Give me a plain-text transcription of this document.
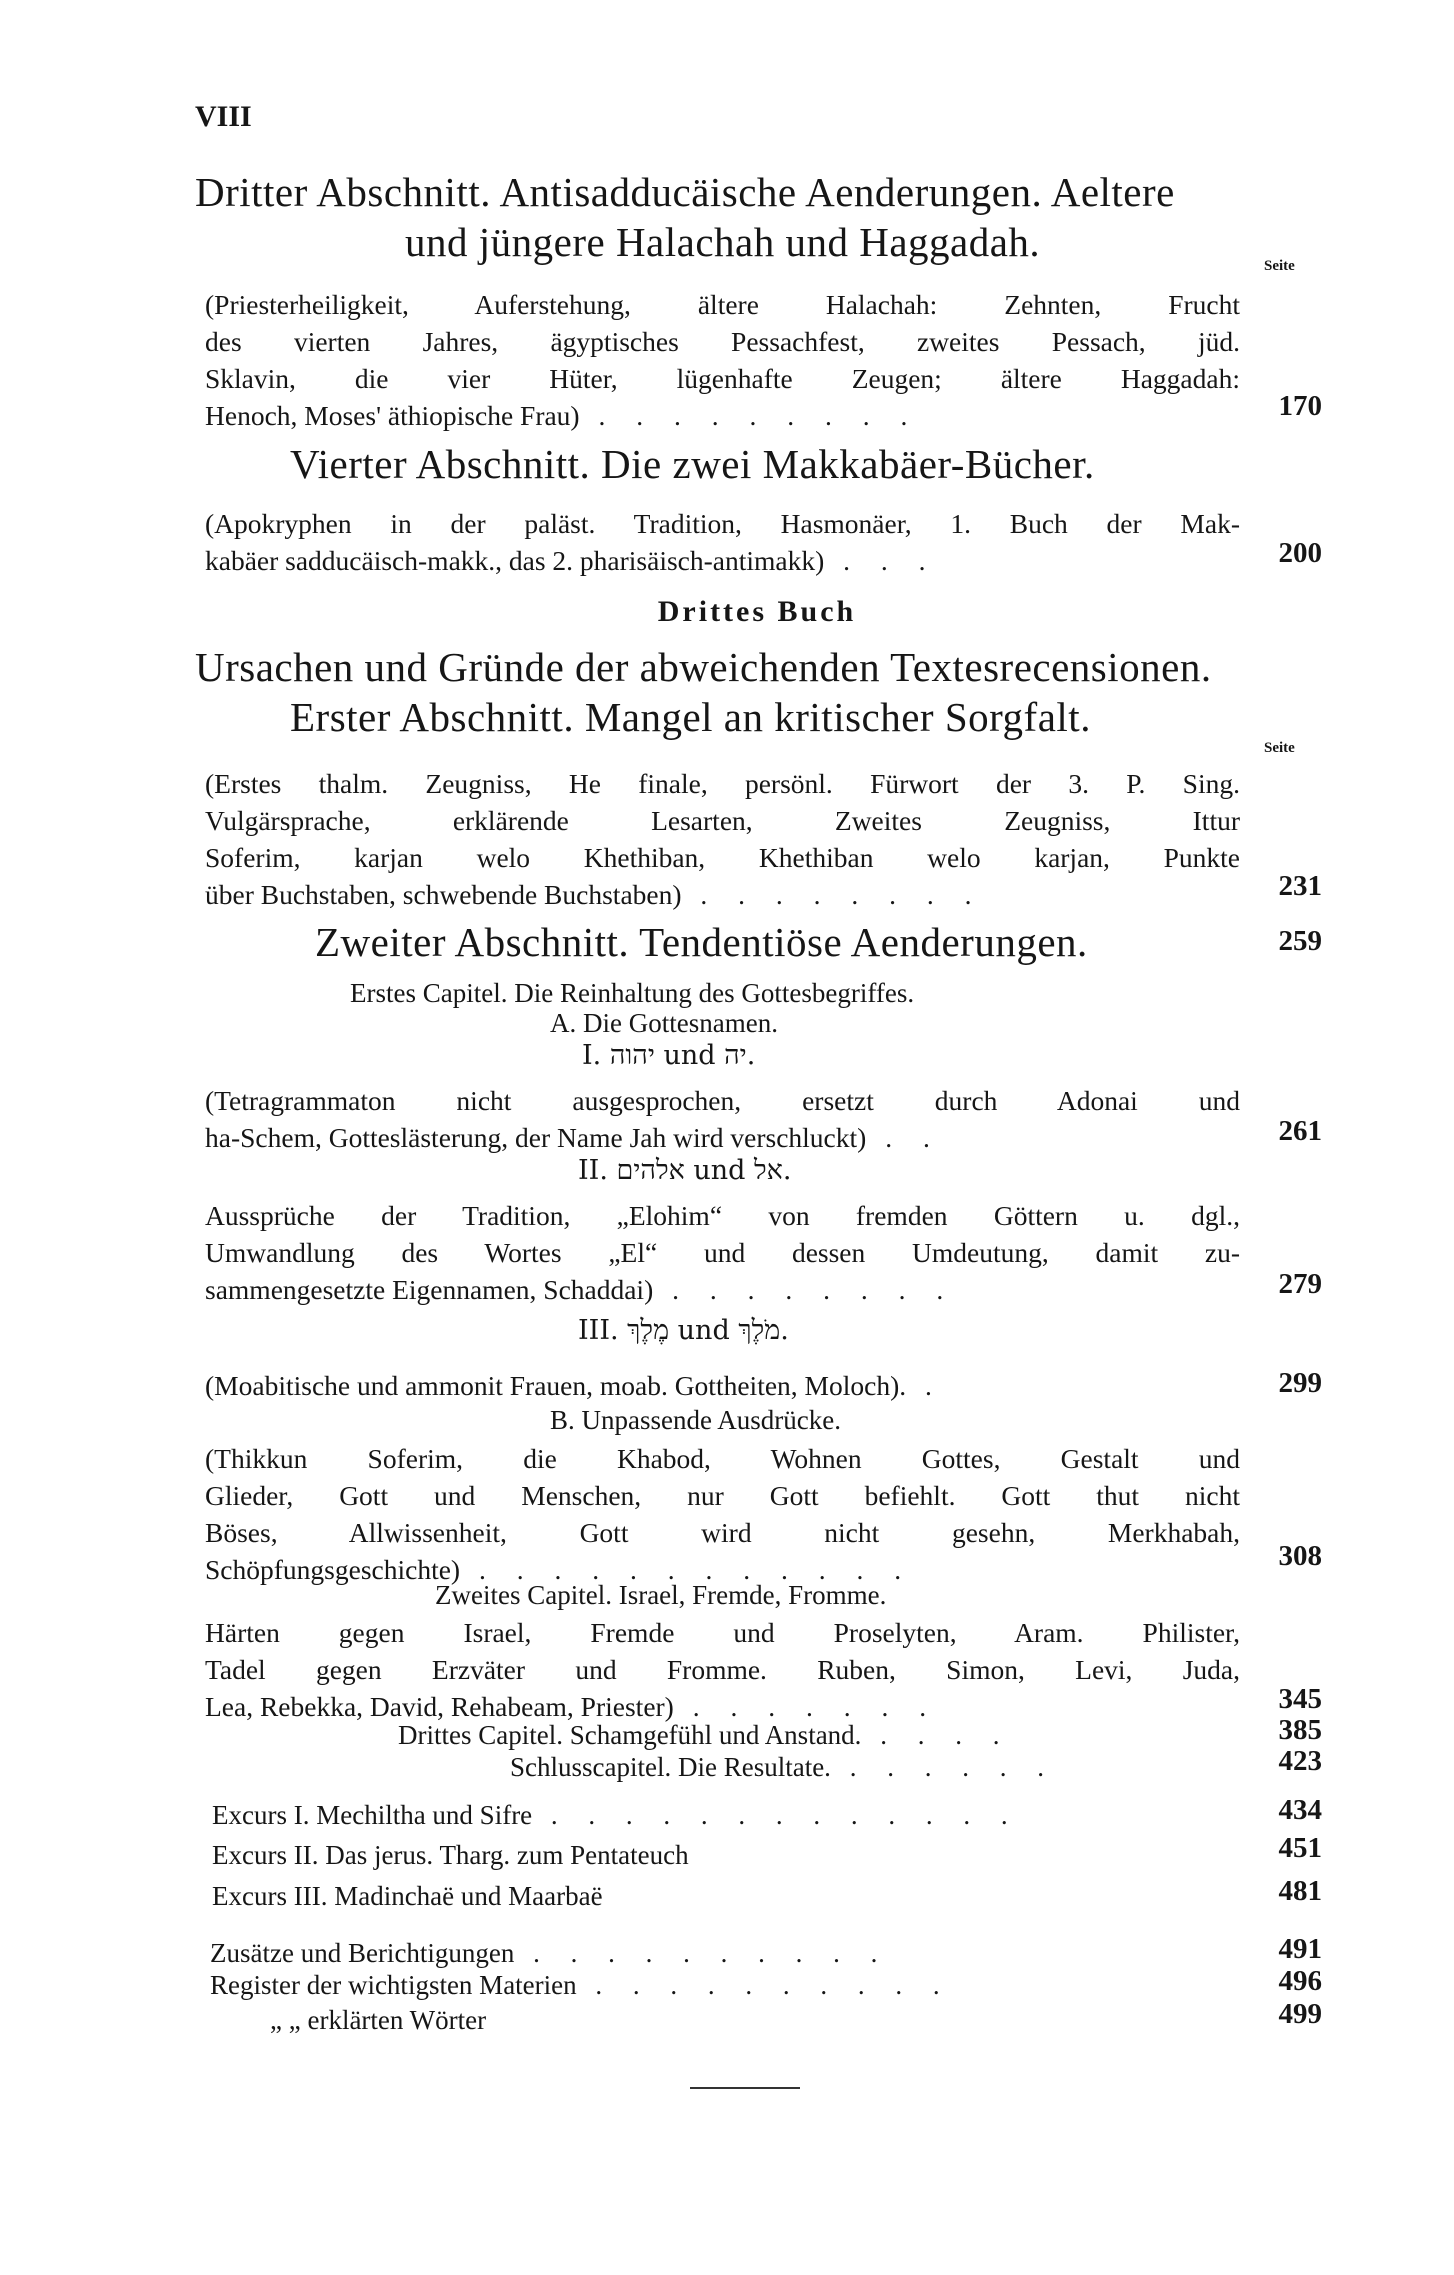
VIII
Dritter Abschnitt. Antisadducäische Aenderungen. Aeltere
und jüngere Halachah und Haggadah.
Seite
(Priesterheiligkeit, Auferstehung, ältere Halachah: Zehnten, Frucht
des vierten Jahres, ägyptisches Pessachfest, zweites Pessach, jüd.
Sklavin, die vier Hüter, lügenhafte Zeugen; ältere Haggadah:
Henoch, Moses' äthiopische Frau) . . . . . . . . .	170
Vierter Abschnitt. Die zwei Makkabäer-Bücher.
(Apokryphen in der paläst. Tradition, Hasmonäer, 1. Buch der Mak-
kabäer sadducäisch-makk., das 2. pharisäisch-antimakk) . . .	200
Drittes Buch
Ursachen und Gründe der abweichenden Textesrecensionen.
Erster Abschnitt. Mangel an kritischer Sorgfalt.
Seite
(Erstes thalm. Zeugniss, He finale, persönl. Fürwort der 3. P. Sing.
Vulgärsprache, erklärende Lesarten, Zweites Zeugniss, Ittur
Soferim, karjan welo Khethiban, Khethiban welo karjan, Punkte
über Buchstaben, schwebende Buchstaben) . . . . . . . .	231
Zweiter Abschnitt. Tendentiöse Aenderungen.	259
Erstes Capitel. Die Reinhaltung des Gottesbegriffes.
A. Die Gottesnamen.
I. יהוה und יה.
(Tetragrammaton nicht ausgesprochen, ersetzt durch Adonai und
ha-Schem, Gotteslästerung, der Name Jah wird verschluckt) . .	261
II. אלהים und אל.
Aussprüche der Tradition, „Elohim“ von fremden Göttern u. dgl.,
Umwandlung des Wortes „El“ und dessen Umdeutung, damit zu-
sammengesetzte Eigennamen, Schaddai) . . . . . . . .	279
III. מֶלֶךְ und מֹלֶךְ.
(Moabitische und ammonit Frauen, moab. Gottheiten, Moloch). .	299
B. Unpassende Ausdrücke.
(Thikkun Soferim, die Khabod, Wohnen Gottes, Gestalt und
Glieder, Gott und Menschen, nur Gott befiehlt. Gott thut nicht
Böses, Allwissenheit, Gott wird nicht gesehn, Merkhabah,
Schöpfungsgeschichte) . . . . . . . . . . . .	308
Zweites Capitel. Israel, Fremde, Fromme.
Härten gegen Israel, Fremde und Proselyten, Aram. Philister,
Tadel gegen Erzväter und Fromme. Ruben, Simon, Levi, Juda,
Lea, Rebekka, David, Rehabeam, Priester) . . . . . . .	345
Drittes Capitel. Schamgefühl und Anstand. . . . .	385
Schlusscapitel. Die Resultate. . . . . . .	423
Excurs I. Mechiltha und Sifre . . . . . . . . . . . . .	434
Excurs II. Das jerus. Tharg. zum Pentateuch	451
Excurs III. Madinchaë und Maarbaë	481
Zusätze und Berichtigungen . . . . . . . . . .	491
Register der wichtigsten Materien . . . . . . . . . .	496
„ „ erklärten Wörter	499
